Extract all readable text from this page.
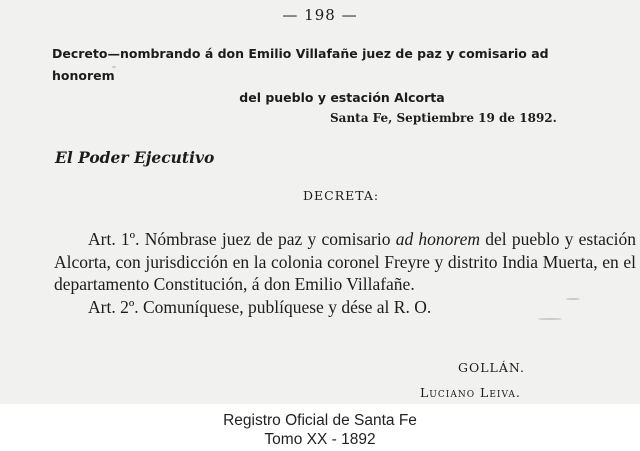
— 198 —
Decreto—nombrando á don Emilio Villafañe juez de paz y comisario ad honorem
del pueblo y estación Alcorta
Santa Fe, Septiembre 19 de 1892.
El Poder Ejecutivo
DECRETA:

Art. 1º. Nómbrase juez de paz y comisario ad honorem del pueblo y estación Alcorta, con jurisdicción en la colonia coronel Freyre y distrito India Muerta, en el departamento Constitución, á don Emilio Villafañe.

Art. 2º. Comuníquese, publíquese y dése al R. O.

GOLLÁN.
Luciano Leiva.
Registro Oficial de Santa Fe
Tomo XX - 1892
